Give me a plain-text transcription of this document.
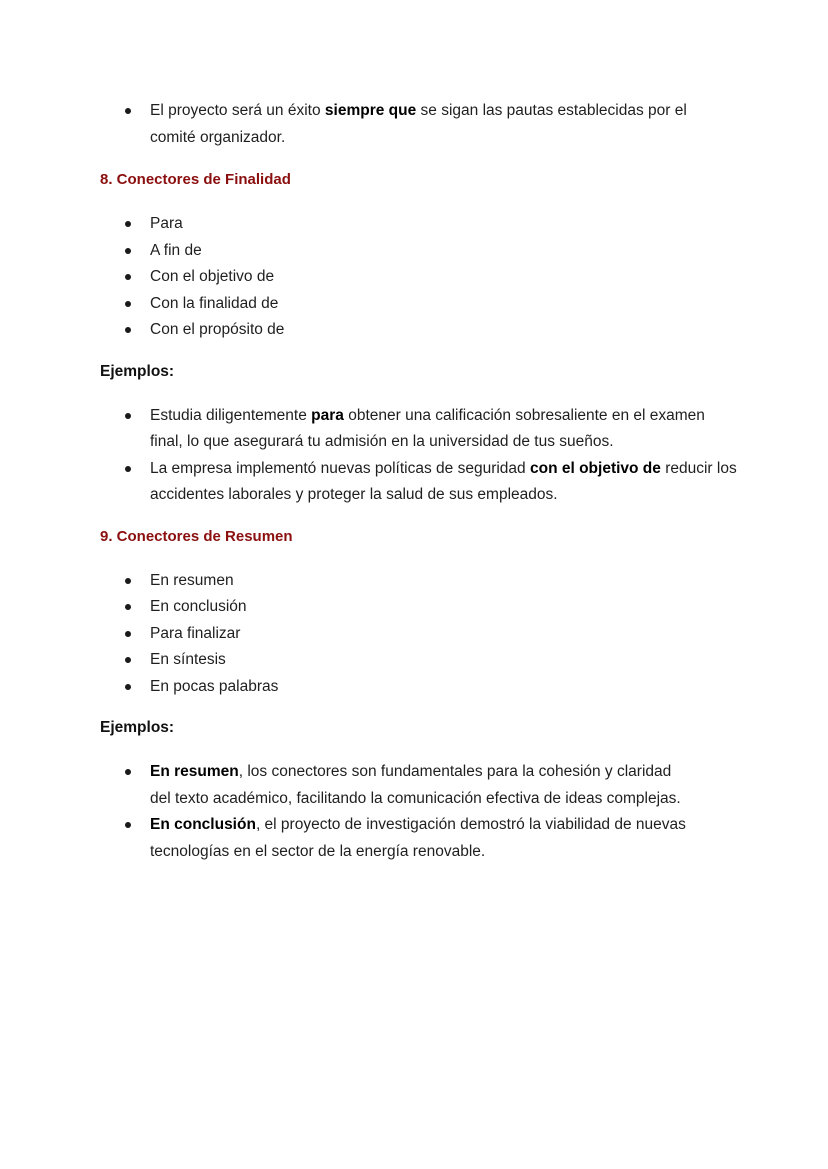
El proyecto será un éxito siempre que se sigan las pautas establecidas por el comité organizador.
8. Conectores de Finalidad
Para
A fin de
Con el objetivo de
Con la finalidad de
Con el propósito de
Ejemplos:
Estudia diligentemente para obtener una calificación sobresaliente en el examen final, lo que asegurará tu admisión en la universidad de tus sueños.
La empresa implementó nuevas políticas de seguridad con el objetivo de reducir los accidentes laborales y proteger la salud de sus empleados.
9. Conectores de Resumen
En resumen
En conclusión
Para finalizar
En síntesis
En pocas palabras
Ejemplos:
En resumen, los conectores son fundamentales para la cohesión y claridad del texto académico, facilitando la comunicación efectiva de ideas complejas.
En conclusión, el proyecto de investigación demostró la viabilidad de nuevas tecnologías en el sector de la energía renovable.
